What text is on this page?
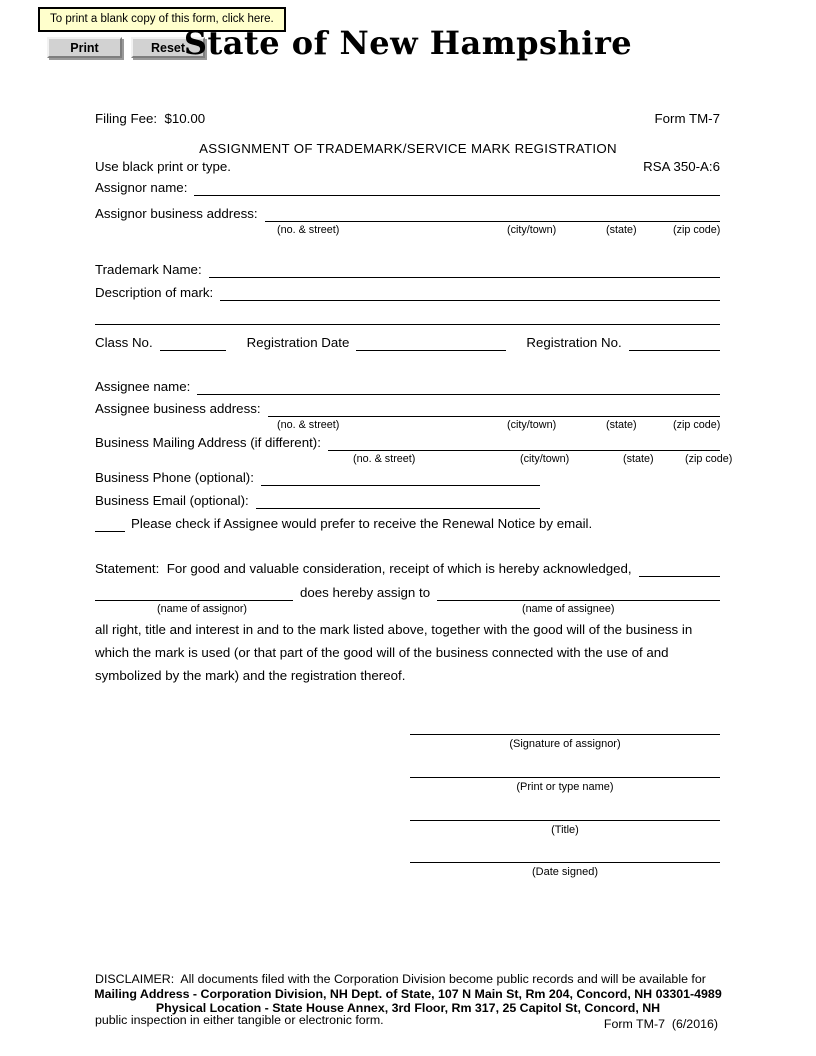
To print a blank copy of this form, click here.
Print	Reset
State of New Hampshire

Filing Fee:  $10.00

Use black print or type.

Form TM-7

RSA 350-A:6

ASSIGNMENT OF TRADEMARK/SERVICE MARK REGISTRATION
Assignor name:
Assignor business address:
(no. & street)	(city/town)	(state)	(zip code)
Trademark Name:
Description of mark:
Class No.	Registration Date	Registration No.
Assignee name:
Assignee business address:
(no. & street)	(city/town)	(state)	(zip code)
Business Mailing Address (if different):
(no. & street)	(city/town)	(state)	(zip code)
Business Phone (optional):
Business Email (optional):
Please check if Assignee would prefer to receive the Renewal Notice by email.
Statement:  For good and valuable consideration, receipt of which is hereby acknowledged,
does hereby assign to
(name of assignor)	(name of assignee)
all right, title and interest in and to the mark listed above, together with the good will of the business in
which the mark is used (or that part of the good will of the business connected with the use of and
symbolized by the mark) and the registration thereof.
(Signature of assignor)
(Print or type name)
(Title)
(Date signed)

DISCLAIMER:  All documents filed with the Corporation Division become public records and will be available for

public inspection in either tangible or electronic form.

Mailing Address - Corporation Division, NH Dept. of State, 107 N Main St, Rm 204, Concord, NH 03301-4989
Physical Location - State House Annex, 3rd Floor, Rm 317, 25 Capitol St, Concord, NH
Form TM-7  (6/2016)
